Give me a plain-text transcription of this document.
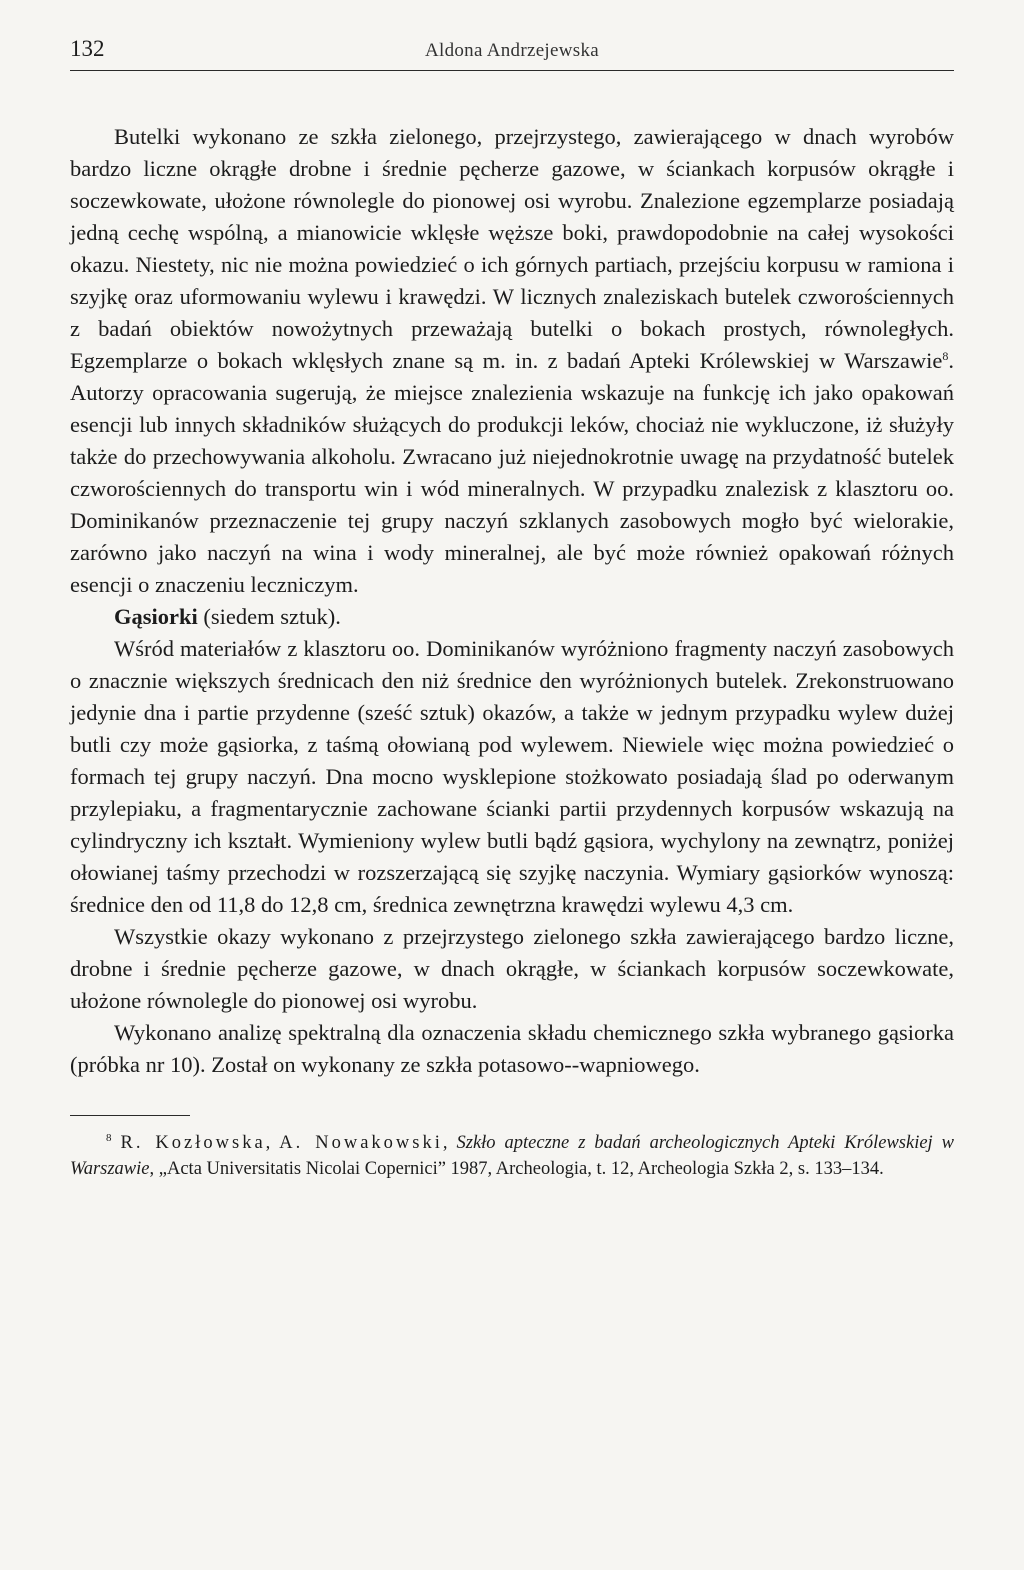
132	Aldona Andrzejewska

Butelki wykonano ze szkła zielonego, przejrzystego, zawierającego w dnach wyrobów bardzo liczne okrągłe drobne i średnie pęcherze gazowe, w ściankach korpusów okrągłe i soczewkowate, ułożone równolegle do pionowej osi wyrobu. Znalezione egzemplarze posiadają jedną cechę wspólną, a mianowicie wklęsłe węższe boki, prawdopodobnie na całej wysokości okazu. Niestety, nic nie można powiedzieć o ich górnych partiach, przejściu korpusu w ramiona i szyjkę oraz uformowaniu wylewu i krawędzi. W licznych znaleziskach butelek czworościennych z badań obiektów nowożytnych przeważają butelki o bokach prostych, równoległych. Egzemplarze o bokach wklęsłych znane są m. in. z badań Apteki Królewskiej w Warszawie$^8$. Autorzy opracowania sugerują, że miejsce znalezienia wskazuje na funkcję ich jako opakowań esencji lub innych składników służących do produkcji leków, chociaż nie wykluczone, iż służyły także do przechowywania alkoholu. Zwracano już niejednokrotnie uwagę na przydatność butelek czworościennych do transportu win i wód mineralnych. W przypadku znalezisk z klasztoru oo. Dominikanów przeznaczenie tej grupy naczyń szklanych zasobowych mogło być wielorakie, zarówno jako naczyń na wina i wody mineralnej, ale być może również opakowań różnych esencji o znaczeniu leczniczym.

Gąsiorki (siedem sztuk).

Wśród materiałów z klasztoru oo. Dominikanów wyróżniono fragmenty naczyń zasobowych o znacznie większych średnicach den niż średnice den wyróżnionych butelek. Zrekonstruowano jedynie dna i partie przydenne (sześć sztuk) okazów, a także w jednym przypadku wylew dużej butli czy może gąsiorka, z taśmą ołowianą pod wylewem. Niewiele więc można powiedzieć o formach tej grupy naczyń. Dna mocno wysklepione stożkowato posiadają ślad po oderwanym przylepiaku, a fragmentarycznie zachowane ścianki partii przydennych korpusów wskazują na cylindryczny ich kształt. Wymieniony wylew butli bądź gąsiora, wychylony na zewnątrz, poniżej ołowianej taśmy przechodzi w rozszerzającą się szyjkę naczynia. Wymiary gąsiorków wynoszą: średnice den od 11,8 do 12,8 cm, średnica zewnętrzna krawędzi wylewu 4,3 cm.

Wszystkie okazy wykonano z przejrzystego zielonego szkła zawierającego bardzo liczne, drobne i średnie pęcherze gazowe, w dnach okrągłe, w ściankach korpusów soczewkowate, ułożone równolegle do pionowej osi wyrobu.

Wykonano analizę spektralną dla oznaczenia składu chemicznego szkła wybranego gąsiorka (próbka nr 10). Został on wykonany ze szkła potasowo--wapniowego.

$^8$ R. Kozłowska, A. Nowakowski, Szkło apteczne z badań archeologicznych Apteki Królewskiej w Warszawie, „Acta Universitatis Nicolai Copernici” 1987, Archeologia, t. 12, Archeologia Szkła 2, s. 133–134.
